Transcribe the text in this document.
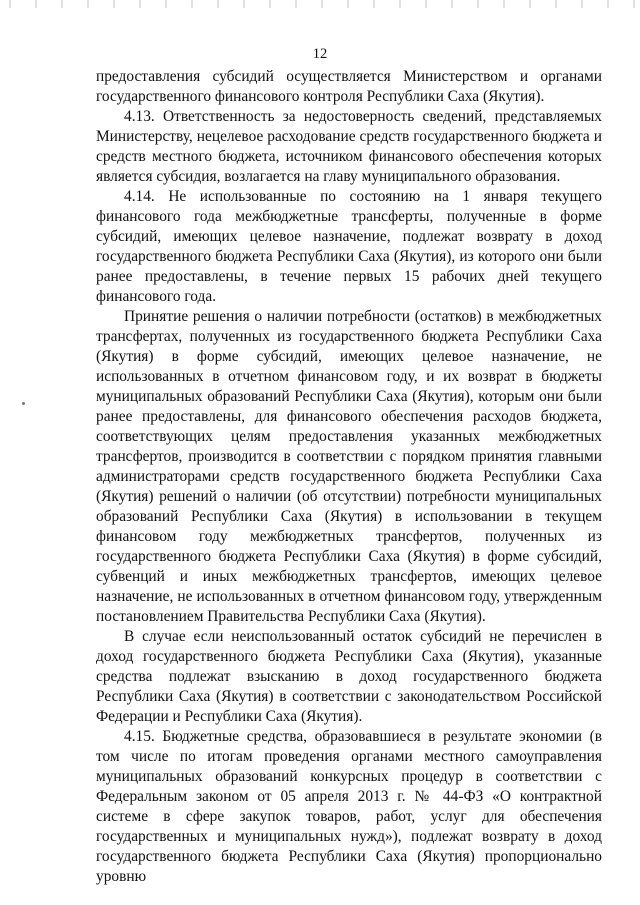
12

предоставления субсидий осуществляется Министерством и органами государственного финансового контроля Республики Саха (Якутия).

4.13. Ответственность за недостоверность сведений, представляемых Министерству, нецелевое расходование средств государственного бюджета и средств местного бюджета, источником финансового обеспечения которых является субсидия, возлагается на главу муниципального образования.

4.14. Не использованные по состоянию на 1 января текущего финансового года межбюджетные трансферты, полученные в форме субсидий, имеющих целевое назначение, подлежат возврату в доход государственного бюджета Республики Саха (Якутия), из которого они были ранее предоставлены, в течение первых 15 рабочих дней текущего финансового года.

Принятие решения о наличии потребности (остатков) в межбюджетных трансфертах, полученных из государственного бюджета Республики Саха (Якутия) в форме субсидий, имеющих целевое назначение, не использованных в отчетном финансовом году, и их возврат в бюджеты муниципальных образований Республики Саха (Якутия), которым они были ранее предоставлены, для финансового обеспечения расходов бюджета, соответствующих целям предоставления указанных межбюджетных трансфертов, производится в соответствии с порядком принятия главными администраторами средств государственного бюджета Республики Саха (Якутия) решений о наличии (об отсутствии) потребности муниципальных образований Республики Саха (Якутия) в использовании в текущем финансовом году межбюджетных трансфертов, полученных из государственного бюджета Республики Саха (Якутия) в форме субсидий, субвенций и иных межбюджетных трансфертов, имеющих целевое назначение, не использованных в отчетном финансовом году, утвержденным постановлением Правительства Республики Саха (Якутия).

В случае если неиспользованный остаток субсидий не перечислен в доход государственного бюджета Республики Саха (Якутия), указанные средства подлежат взысканию в доход государственного бюджета Республики Саха (Якутия) в соответствии с законодательством Российской Федерации и Республики Саха (Якутия).

4.15. Бюджетные средства, образовавшиеся в результате экономии (в том числе по итогам проведения органами местного самоуправления муниципальных образований конкурсных процедур в соответствии с Федеральным законом от 05 апреля 2013 г. № 44-ФЗ «О контрактной системе в сфере закупок товаров, работ, услуг для обеспечения государственных и муниципальных нужд»), подлежат возврату в доход государственного бюджета Республики Саха (Якутия) пропорционально уровню
